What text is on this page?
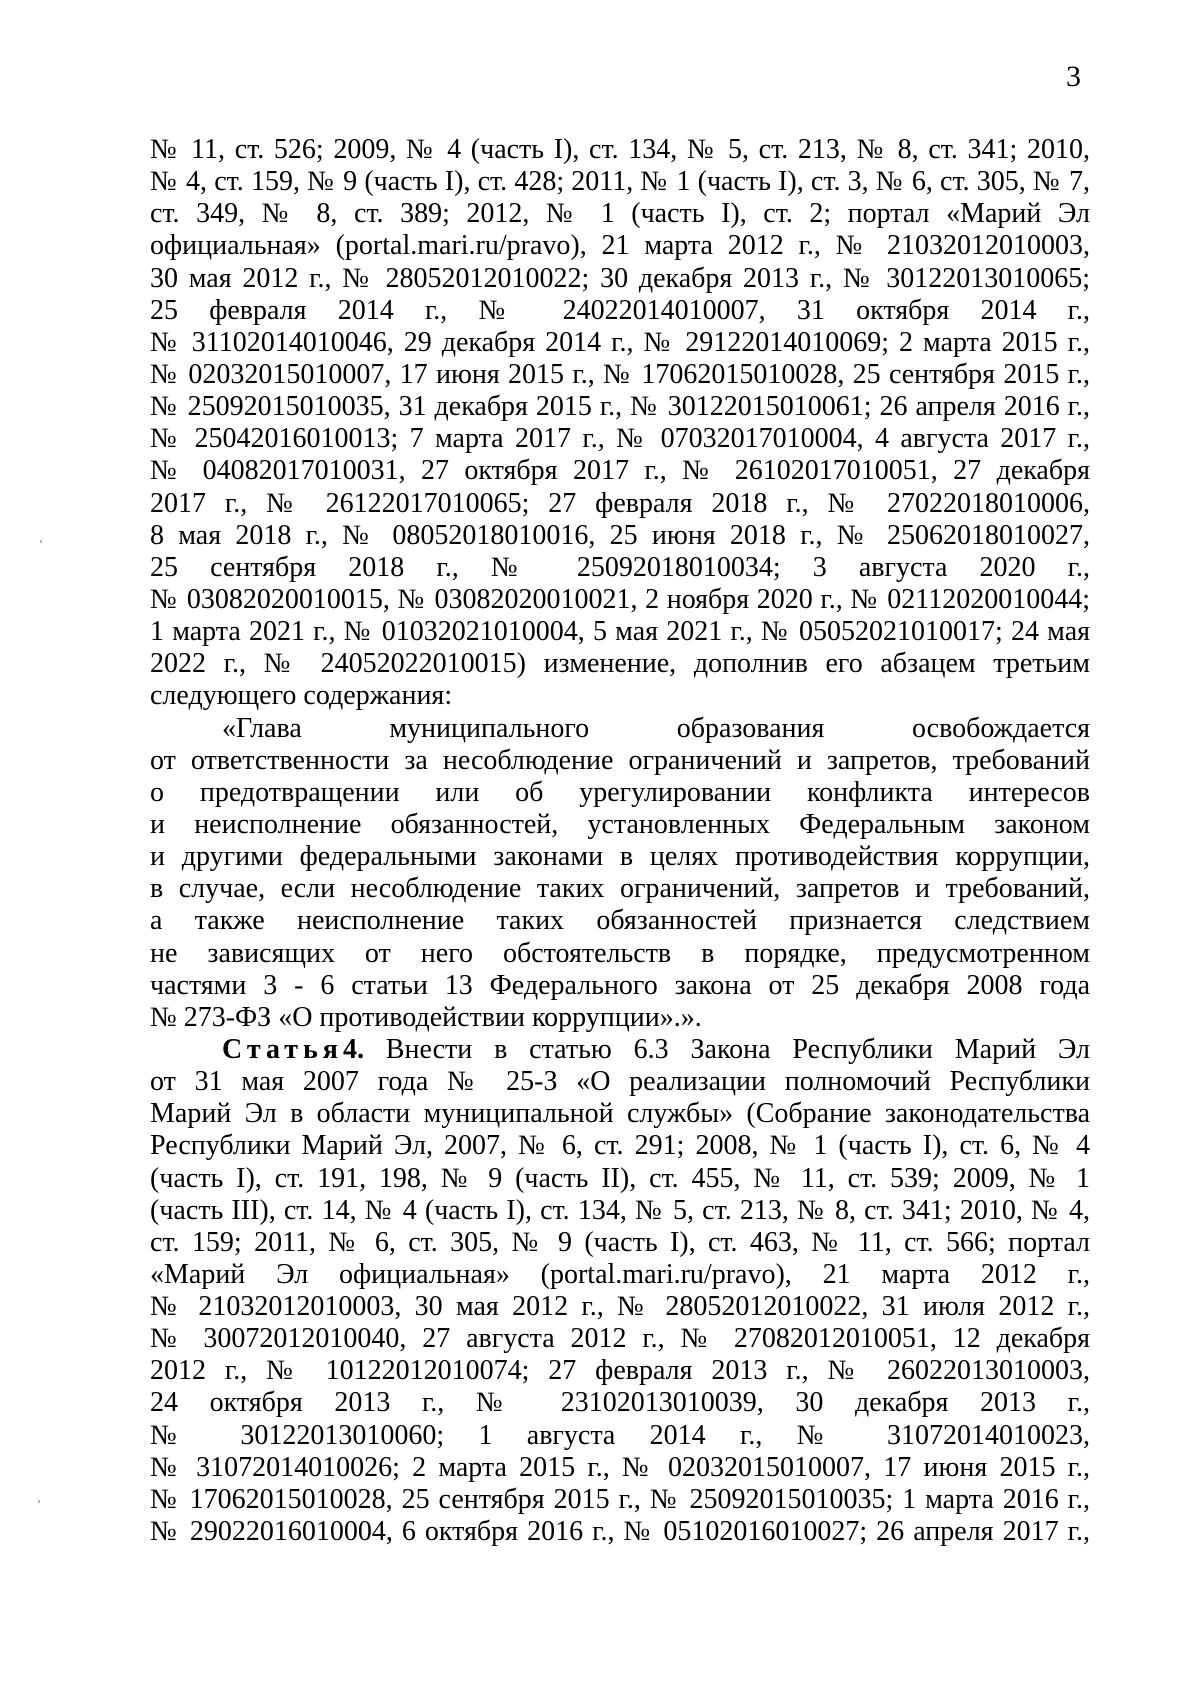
3
№ 11, ст. 526; 2009, № 4 (часть I), ст. 134, № 5, ст. 213, № 8, ст. 341; 2010,
№ 4, ст. 159, № 9 (часть I), ст. 428; 2011, № 1 (часть I), ст. 3, № 6, ст. 305, № 7,
ст. 349, № 8, ст. 389; 2012, № 1 (часть I), ст. 2; портал «Марий Эл
официальная» (portal.mari.ru/pravo), 21 марта 2012 г., № 21032012010003,
30 мая 2012 г., № 28052012010022; 30 декабря 2013 г., № 30122013010065;
25 февраля 2014 г., № 24022014010007, 31 октября 2014 г.,
№ 31102014010046, 29 декабря 2014 г., № 29122014010069; 2 марта 2015 г.,
№ 02032015010007, 17 июня 2015 г., № 17062015010028, 25 сентября 2015 г.,
№ 25092015010035, 31 декабря 2015 г., № 30122015010061; 26 апреля 2016 г.,
№ 25042016010013; 7 марта 2017 г., № 07032017010004, 4 августа 2017 г.,
№ 04082017010031, 27 октября 2017 г., № 26102017010051, 27 декабря
2017 г., № 26122017010065; 27 февраля 2018 г., № 27022018010006,
8 мая 2018 г., № 08052018010016, 25 июня 2018 г., № 25062018010027,
25 сентября 2018 г., № 25092018010034; 3 августа 2020 г.,
№ 03082020010015, № 03082020010021, 2 ноября 2020 г., № 02112020010044;
1 марта 2021 г., № 01032021010004, 5 мая 2021 г., № 05052021010017; 24 мая
2022 г., № 24052022010015) изменение, дополнив его абзацем третьим
следующего содержания:
«Глава муниципального образования освобождается
от ответственности за несоблюдение ограничений и запретов, требований
о предотвращении или об урегулировании конфликта интересов
и неисполнение обязанностей, установленных Федеральным законом
и другими федеральными законами в целях противодействия коррупции,
в случае, если несоблюдение таких ограничений, запретов и требований,
а также неисполнение таких обязанностей признается следствием
не зависящих от него обстоятельств в порядке, предусмотренном
частями 3 - 6 статьи 13 Федерального закона от 25 декабря 2008 года
№ 273-ФЗ «О противодействии коррупции».».
Статья4. Внести в статью 6.3 Закона Республики Марий Эл
от 31 мая 2007 года № 25-З «О реализации полномочий Республики
Марий Эл в области муниципальной службы» (Собрание законодательства
Республики Марий Эл, 2007, № 6, ст. 291; 2008, № 1 (часть I), ст. 6, № 4
(часть I), ст. 191, 198, № 9 (часть II), ст. 455, № 11, ст. 539; 2009, № 1
(часть III), ст. 14, № 4 (часть I), ст. 134, № 5, ст. 213, № 8, ст. 341; 2010, № 4,
ст. 159; 2011, № 6, ст. 305, № 9 (часть I), ст. 463, № 11, ст. 566; портал
«Марий Эл официальная» (portal.mari.ru/pravo), 21 марта 2012 г.,
№ 21032012010003, 30 мая 2012 г., № 28052012010022, 31 июля 2012 г.,
№ 30072012010040, 27 августа 2012 г., № 27082012010051, 12 декабря
2012 г., № 10122012010074; 27 февраля 2013 г., № 26022013010003,
24 октября 2013 г., № 23102013010039, 30 декабря 2013 г.,
№ 30122013010060; 1 августа 2014 г., № 31072014010023,
№ 31072014010026; 2 марта 2015 г., № 02032015010007, 17 июня 2015 г.,
№ 17062015010028, 25 сентября 2015 г., № 25092015010035; 1 марта 2016 г.,
№ 29022016010004, 6 октября 2016 г., № 05102016010027; 26 апреля 2017 г.,
